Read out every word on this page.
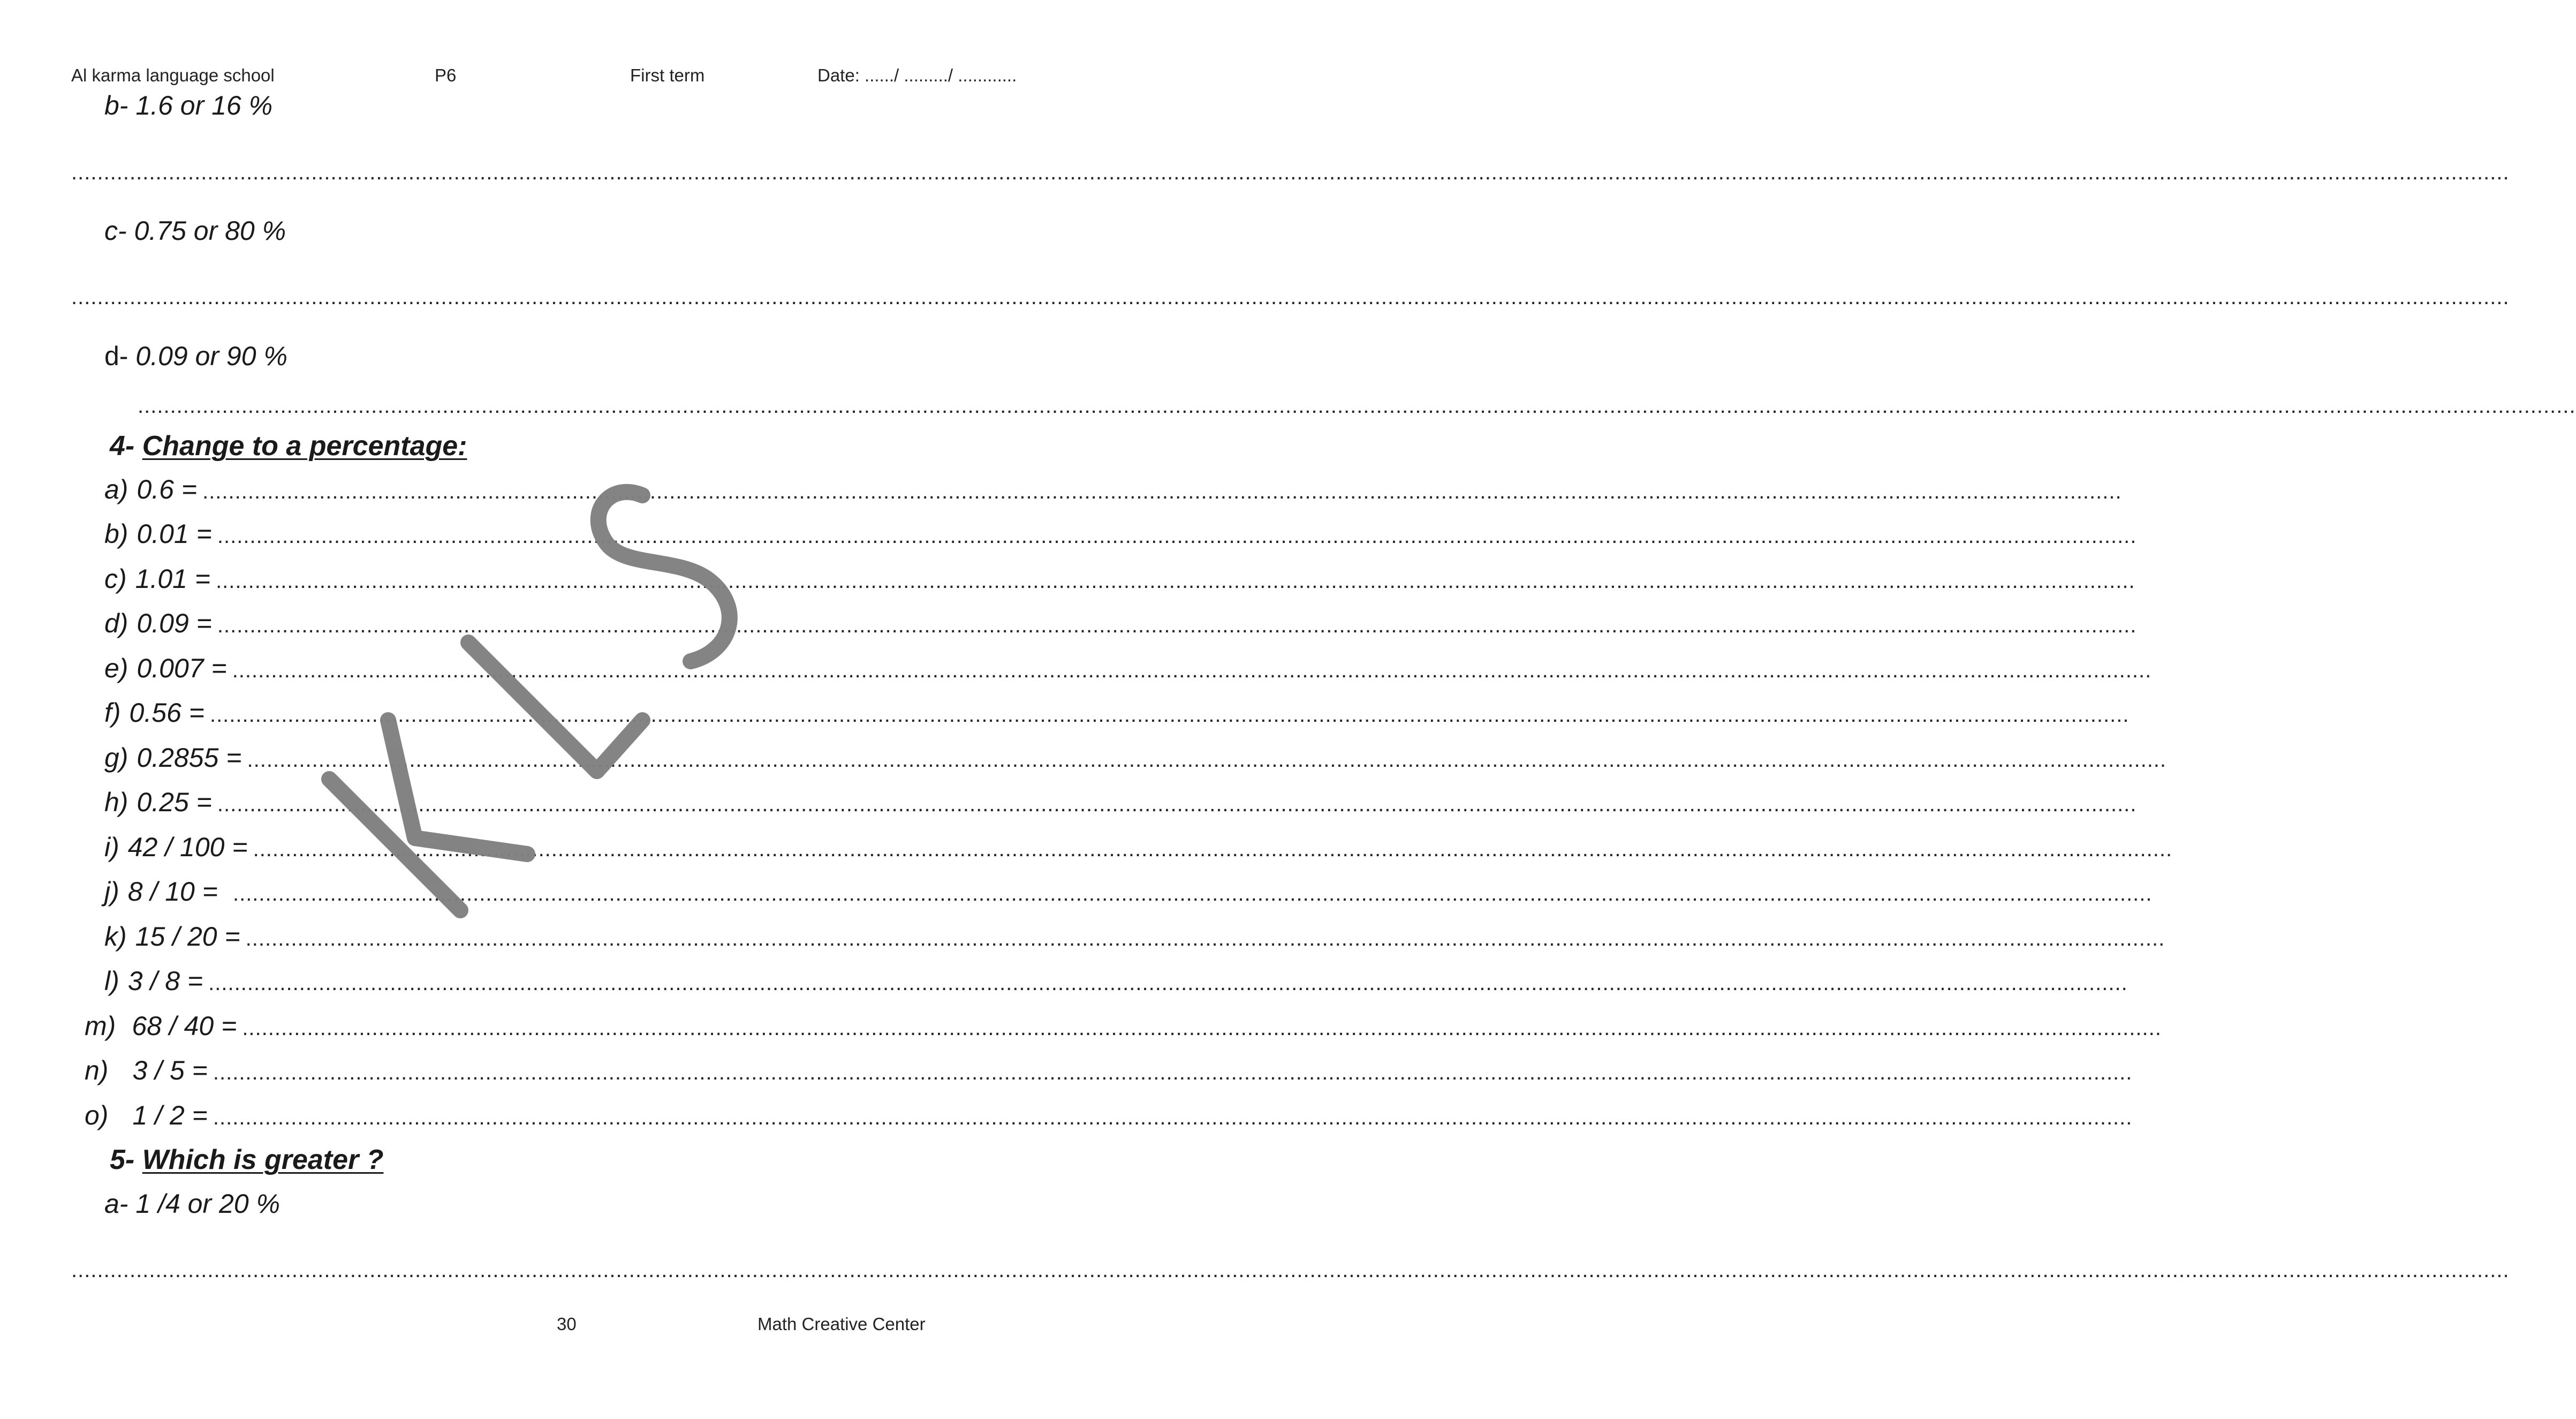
Al karma language school	P6	First term	Date: ....../ ........./ ............
b- 1.6 or 16 %
........................................................................................................................................................................................................................................................................................................................................................................................
c- 0.75 or 80 %
........................................................................................................................................................................................................................................................................................................................................................................................
d- 0.09 or 90 %
........................................................................................................................................................................................................................................................................................................................................................................................
4- Change to a percentage:
a) 0.6 = ........................................................................................................................................................................................................................................................................................................
b) 0.01 = ........................................................................................................................................................................................................................................................................................................
c) 1.01 = ........................................................................................................................................................................................................................................................................................................
d) 0.09 = ........................................................................................................................................................................................................................................................................................................
e) 0.007 = ........................................................................................................................................................................................................................................................................................................
f) 0.56 = ........................................................................................................................................................................................................................................................................................................
g) 0.2855 = ........................................................................................................................................................................................................................................................................................................
h) 0.25 = ........................................................................................................................................................................................................................................................................................................
i) 42 / 100 = ........................................................................................................................................................................................................................................................................................................
j) 8 / 10 = ........................................................................................................................................................................................................................................................................................................
k) 15 / 20 = ........................................................................................................................................................................................................................................................................................................
l) 3 / 8 = ........................................................................................................................................................................................................................................................................................................
m) 68 / 40 = ........................................................................................................................................................................................................................................................................................................
n) 3 / 5 = ........................................................................................................................................................................................................................................................................................................
o) 1 / 2 = ........................................................................................................................................................................................................................................................................................................
5- Which is greater ?
a- 1 /4 or 20 %
........................................................................................................................................................................................................................................................................................................................................................................................
30	Math Creative Center
